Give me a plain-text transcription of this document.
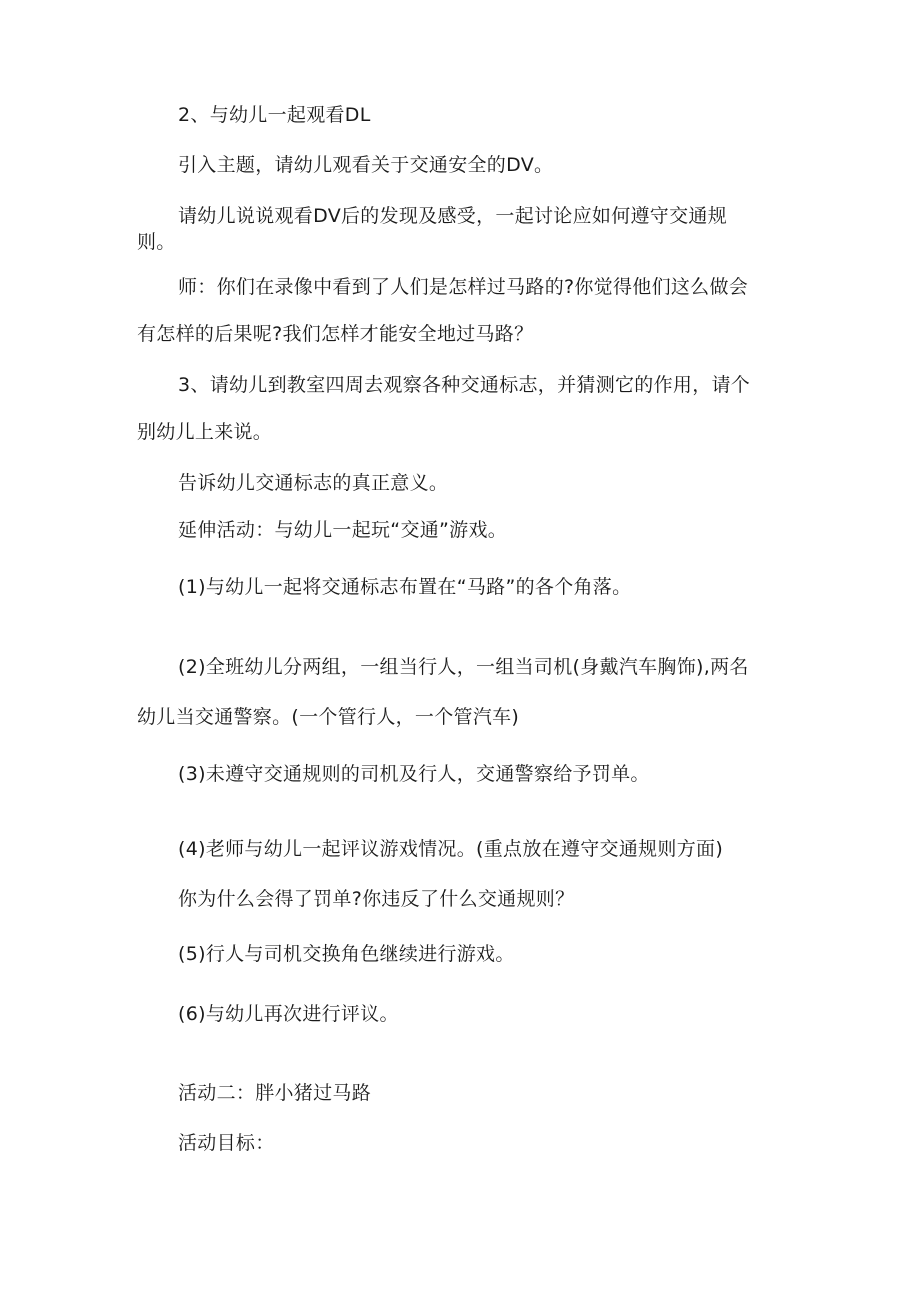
2、与幼儿一起观看DL

引入主题，请幼儿观看关于交通安全的DV。

请幼儿说说观看DV后的发现及感受，一起讨论应如何遵守交通规

则。

师：你们在录像中看到了人们是怎样过马路的?你觉得他们这么做会

有怎样的后果呢?我们怎样才能安全地过马路？

3、请幼儿到教室四周去观察各种交通标志，并猜测它的作用，请个

别幼儿上来说。

告诉幼儿交通标志的真正意义。

延伸活动：与幼儿一起玩“交通”游戏。

(1)与幼儿一起将交通标志布置在“马路”的各个角落。

(2)全班幼儿分两组，一组当行人，一组当司机(身戴汽车胸饰),两名

幼儿当交通警察。(一个管行人，一个管汽车)

(3)未遵守交通规则的司机及行人，交通警察给予罚单。

(4)老师与幼儿一起评议游戏情况。(重点放在遵守交通规则方面)

你为什么会得了罚单?你违反了什么交通规则？

(5)行人与司机交换角色继续进行游戏。

(6)与幼儿再次进行评议。

活动二：胖小猪过马路

活动目标：
